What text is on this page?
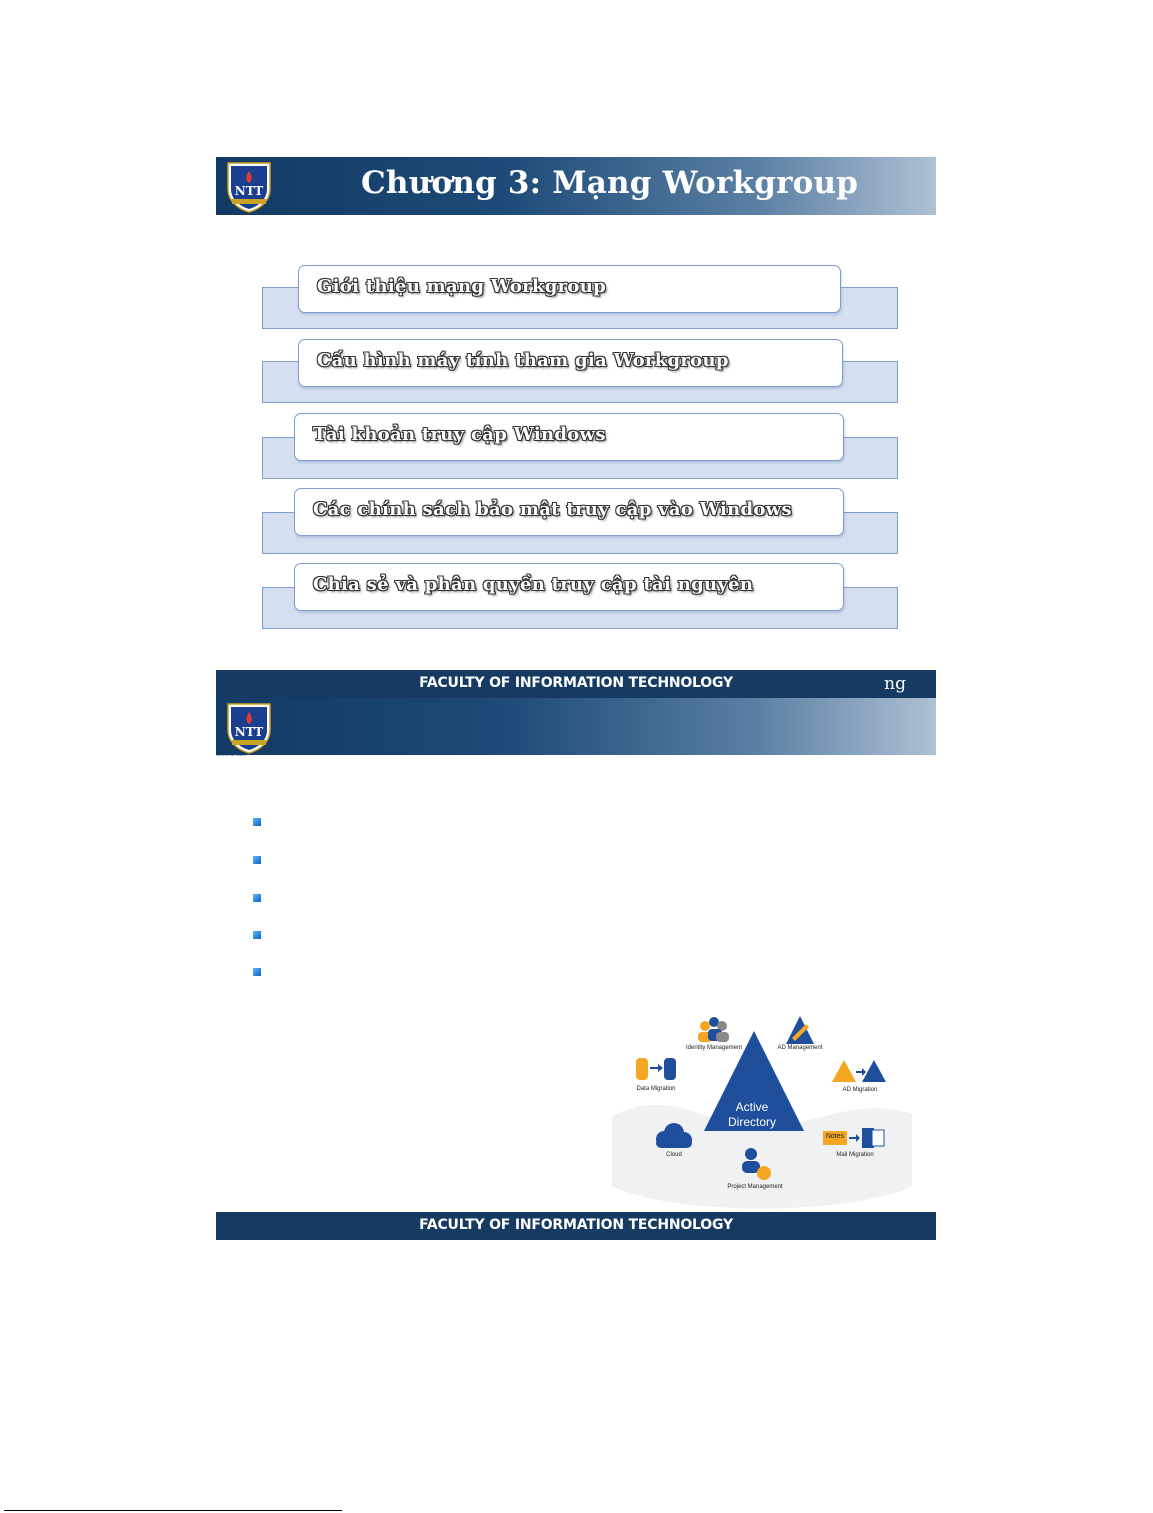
NTT
NGUYEN TAT THANH
Chương 3: Mạng Workgroup
Giới thiệu mạng Workgroup
Cấu hình máy tính tham gia Workgroup
Tài khoản truy cập Windows
Các chính sách bảo mật truy cập vào Windows
Chia sẻ và phân quyền truy cập tài nguyên
FACULTY OF INFORMATION TECHNOLOGY	ng
NTT
NGUYEN TAT THANH
Active
Directory
Identity Management	AD Management
Data Migration	AD Migration
Notes
Cloud	Mail Migration
Project Management
FACULTY OF INFORMATION TECHNOLOGY
